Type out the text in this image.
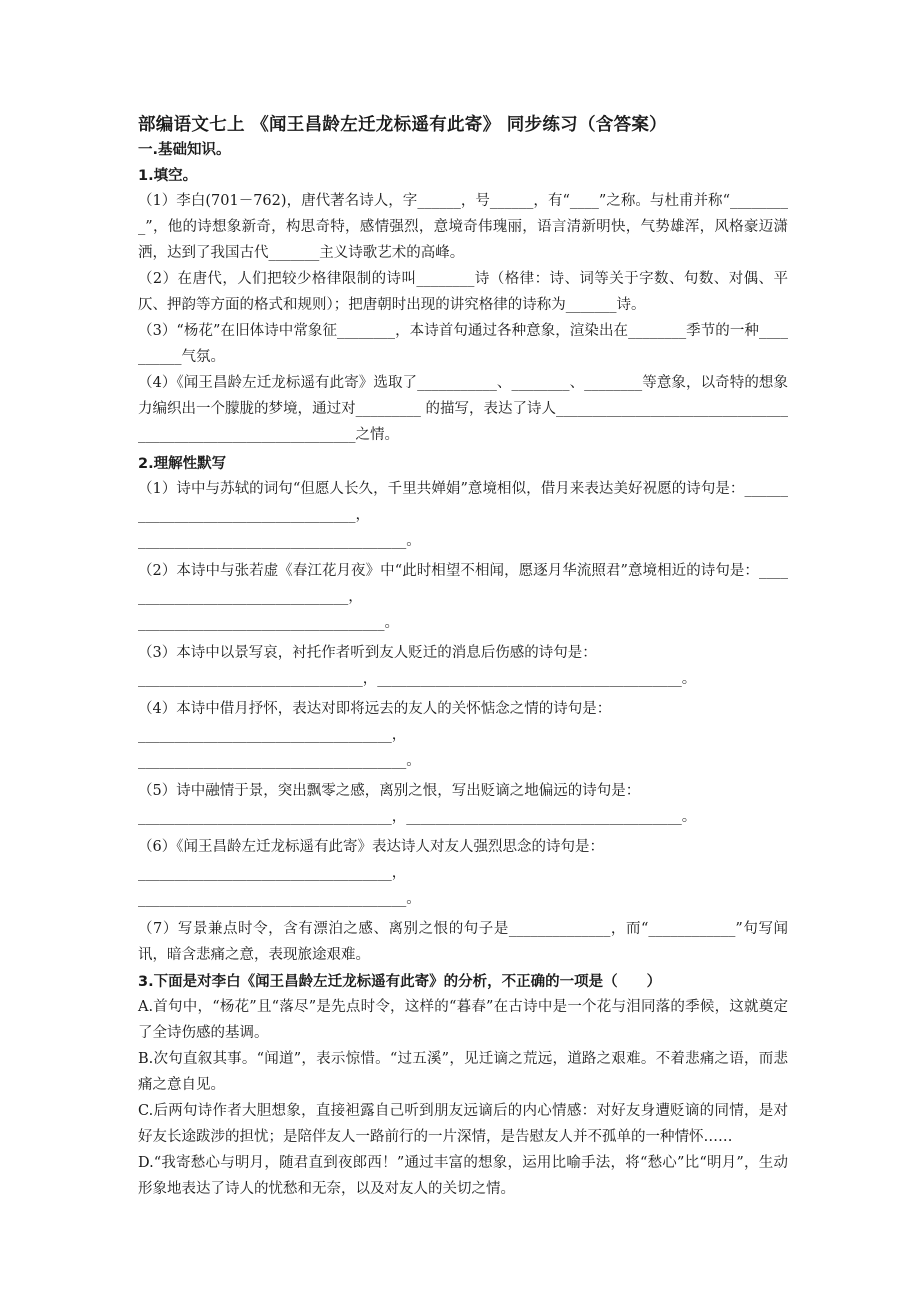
部编语文七上 《闻王昌龄左迁龙标遥有此寄》 同步练习（含答案）

一.基础知识。

1.填空。

（1）李白(701－762)，唐代著名诗人，字______，号______，有“____”之称。与杜甫并称“_________”，他的诗想象新奇，构思奇特，感情强烈，意境奇伟瑰丽，语言清新明快，气势雄浑，风格豪迈潇洒，达到了我国古代_______主义诗歌艺术的高峰。

（2）在唐代，人们把较少格律限制的诗叫________诗（格律：诗、词等关于字数、句数、对偶、平仄、押韵等方面的格式和规则）；把唐朝时出现的讲究格律的诗称为_______诗。

（3）“杨花”在旧体诗中常象征________，本诗首句通过各种意象，渲染出在________季节的一种__________气氛。

（4）《闻王昌龄左迁龙标遥有此寄》选取了___________、________、________等意象，以奇特的想象力编织出一个朦胧的梦境，通过对_________ 的描写，表达了诗人______________________________________________________________之情。

2.理解性默写

（1）诗中与苏轼的词句“但愿人长久，千里共婵娟”意境相似，借月来表达美好祝愿的诗句是：____________________________________，

_____________________________________。

（2）本诗中与张若虚《春江花月夜》中“此时相望不相闻，愿逐月华流照君”意境相近的诗句是：_________________________________，

__________________________________。

（3）本诗中以景写哀，衬托作者听到友人贬迁的消息后伤感的诗句是：

_______________________________，__________________________________________。

（4）本诗中借月抒怀，表达对即将远去的友人的关怀惦念之情的诗句是：

___________________________________，

_____________________________________。

（5）诗中融情于景，突出飘零之感，离别之恨，写出贬谪之地偏远的诗句是：

___________________________________，______________________________________。

（6）《闻王昌龄左迁龙标遥有此寄》表达诗人对友人强烈思念的诗句是：

___________________________________，

_____________________________________。

（7）写景兼点时令，含有漂泊之感、离别之恨的句子是______________，而“____________”句写闻讯，暗含悲痛之意，表现旅途艰难。

3.下面是对李白《闻王昌龄左迁龙标遥有此寄》的分析，不正确的一项是（　　）

A.首句中，“杨花”且“落尽”是先点时令，这样的“暮春”在古诗中是一个花与泪同落的季候，这就奠定了全诗伤感的基调。

B.次句直叙其事。“闻道”，表示惊惜。“过五溪”，见迁谪之荒远，道路之艰难。不着悲痛之语，而悲痛之意自见。

C.后两句诗作者大胆想象，直接袒露自己听到朋友远谪后的内心情感：对好友身遭贬谪的同情，是对好友长途跋涉的担忧；是陪伴友人一路前行的一片深情，是告慰友人并不孤单的一种情怀……

D.“我寄愁心与明月，随君直到夜郎西！”通过丰富的想象，运用比喻手法，将“愁心”比“明月”，生动形象地表达了诗人的忧愁和无奈，以及对友人的关切之情。
